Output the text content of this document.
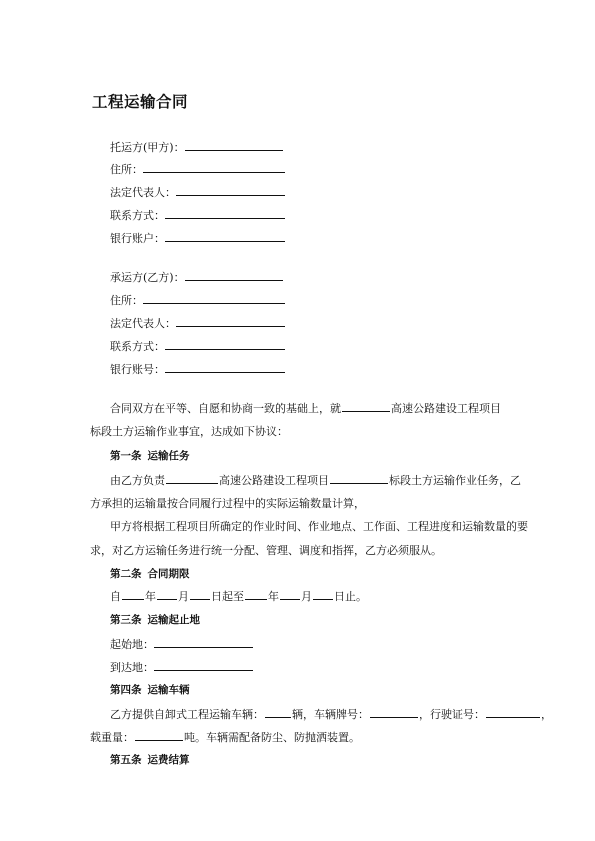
工程运输合同
托运方(甲方)：
住所：
法定代表人：
联系方式：
银行账户：
承运方(乙方)：
住所：
法定代表人：
联系方式：
银行账号：
合同双方在平等、自愿和协商一致的基础上，就	高速公路建设工程项目
标段土方运输作业事宜，达成如下协议：
第一条 运输任务
由乙方负责	高速公路建设工程项目	标段土方运输作业任务，乙
方承担的运输量按合同履行过程中的实际运输数量计算，
甲方将根据工程项目所确定的作业时间、作业地点、工作面、工程进度和运输数量的要
求，对乙方运输任务进行统一分配、管理、调度和指挥，乙方必须服从。
第二条 合同期限
自 年 月 日起至 年 月 日止。
第三条 运输起止地
起始地：
到达地：
第四条 运输车辆
乙方提供自卸式工程运输车辆：	辆，车辆牌号：	，行驶证号：	，
载重量：	吨。车辆需配备防尘、防抛洒装置。
第五条 运费结算
